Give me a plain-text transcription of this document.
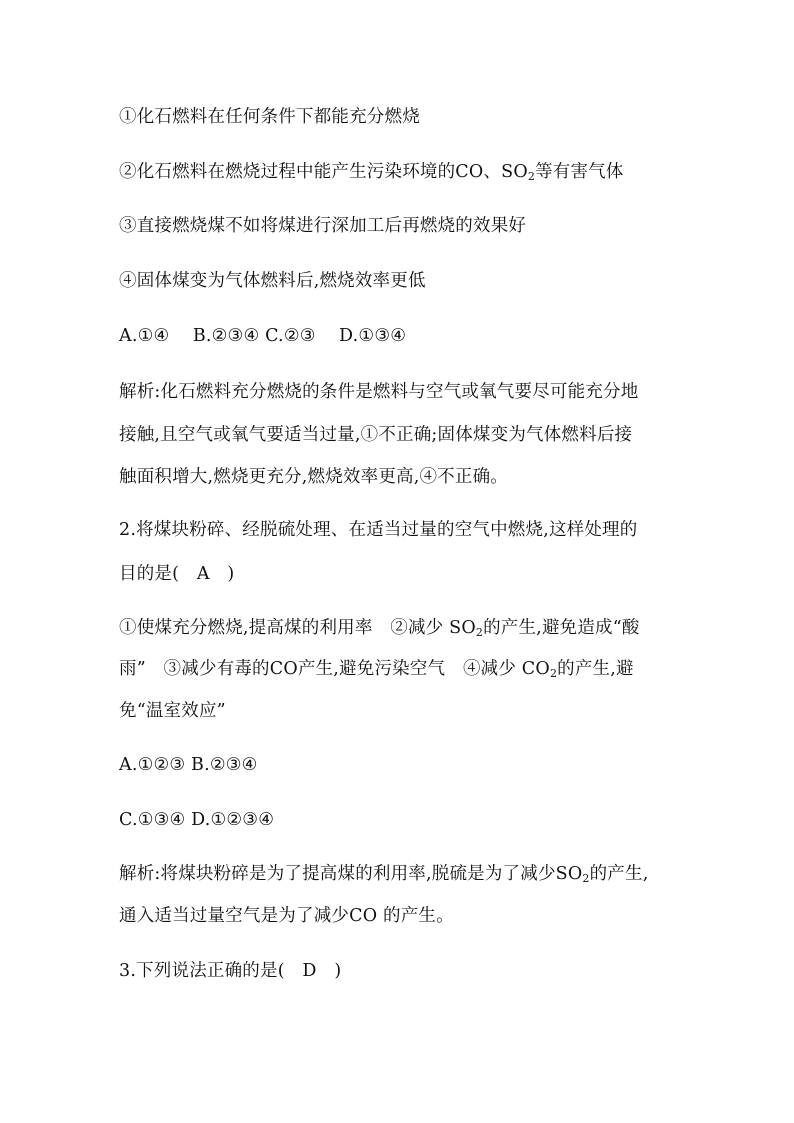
①化石燃料在任何条件下都能充分燃烧
②化石燃料在燃烧过程中能产生污染环境的CO、$SO_2$等有害气体
③直接燃烧煤不如将煤进行深加工后再燃烧的效果好
④固体煤变为气体燃料后,燃烧效率更低
A.①④　 B.②③④ C.②③　 D.①③④
解析:化石燃料充分燃烧的条件是燃料与空气或氧气要尽可能充分地
接触,且空气或氧气要适当过量,①不正确;固体煤变为气体燃料后接
触面积增大,燃烧更充分,燃烧效率更高,④不正确。
2.将煤块粉碎、经脱硫处理、在适当过量的空气中燃烧,这样处理的
目的是(　A　)
①使煤充分燃烧,提高煤的利用率　②减少 $SO_2$的产生,避免造成“酸
雨”　③减少有毒的CO产生,避免污染空气　④减少 $CO_2$的产生,避
免“温室效应”
A.①②③ B.②③④
C.①③④ D.①②③④
解析:将煤块粉碎是为了提高煤的利用率,脱硫是为了减少$SO_2$的产生,
通入适当过量空气是为了减少CO 的产生。
3.下列说法正确的是(　D　)
